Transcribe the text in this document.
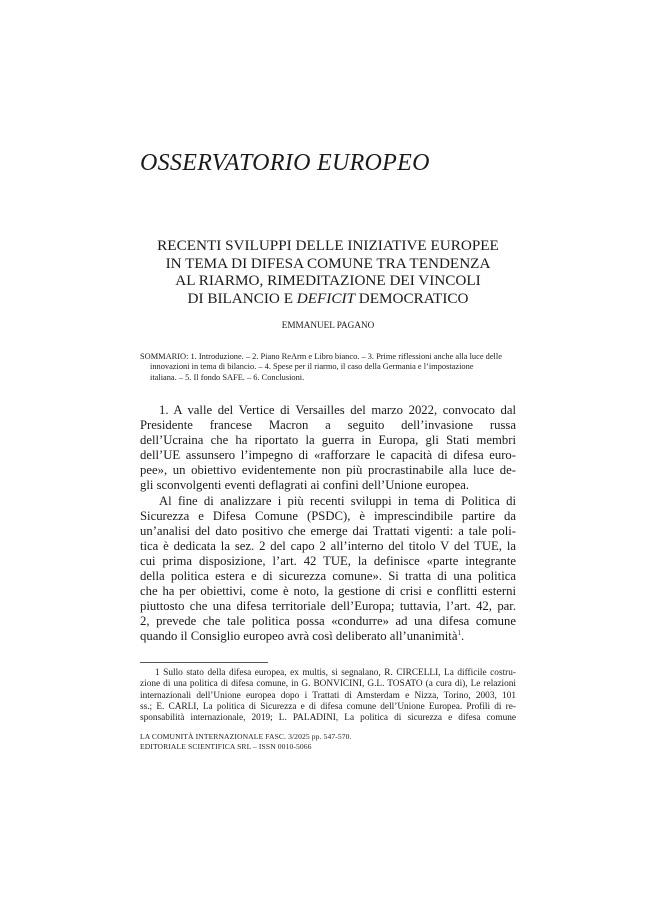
OSSERVATORIO EUROPEO
RECENTI SVILUPPI DELLE INIZIATIVE EUROPEE
IN TEMA DI DIFESA COMUNE TRA TENDENZA
AL RIARMO, RIMEDITAZIONE DEI VINCOLI
DI BILANCIO E DEFICIT DEMOCRATICO
EMMANUEL PAGANO
SOMMARIO: 1. Introduzione. – 2. Piano ReArm e Libro bianco. – 3. Prime riflessioni anche alla luce delle
innovazioni in tema di bilancio. – 4. Spese per il riarmo, il caso della Germania e l’impostazione
italiana. – 5. Il fondo SAFE. – 6. Conclusioni.
1. A valle del Vertice di Versailles del marzo 2022, convocato dal
Presidente francese Macron a seguito dell’invasione russa
dell’Ucraina che ha riportato la guerra in Europa, gli Stati membri
dell’UE assunsero l’impegno di «rafforzare le capacità di difesa euro-
pee», un obiettivo evidentemente non più procrastinabile alla luce de-
gli sconvolgenti eventi deflagrati ai confini dell’Unione europea.
Al fine di analizzare i più recenti sviluppi in tema di Politica di
Sicurezza e Difesa Comune (PSDC), è imprescindibile partire da
un’analisi del dato positivo che emerge dai Trattati vigenti: a tale poli-
tica è dedicata la sez. 2 del capo 2 all’interno del titolo V del TUE, la
cui prima disposizione, l’art. 42 TUE, la definisce «parte integrante
della politica estera e di sicurezza comune». Si tratta di una politica
che ha per obiettivi, come è noto, la gestione di crisi e conflitti esterni
piuttosto che una difesa territoriale dell’Europa; tuttavia, l’art. 42, par.
2, prevede che tale politica possa «condurre» ad una difesa comune
quando il Consiglio europeo avrà così deliberato all’unanimità$^1$.
1 Sullo stato della difesa europea, ex multis, si segnalano, R. CIRCELLI, La difficile costru-
zione di una politica di difesa comune, in G. BONVICINI, G.L. TOSATO (a cura di), Le relazioni
internazionali dell’Unione europea dopo i Trattati di Amsterdam e Nizza, Torino, 2003, 101
ss.; E. CARLI, La politica di Sicurezza e di difesa comune dell’Unione Europea. Profili di re-
sponsabilità internazionale, 2019; L. PALADINI, La politica di sicurezza e difesa comune
LA COMUNITÀ INTERNAZIONALE FASC. 3/2025 pp. 547-570.
EDITORIALE SCIENTIFICA SRL – ISSN 0010-5066
